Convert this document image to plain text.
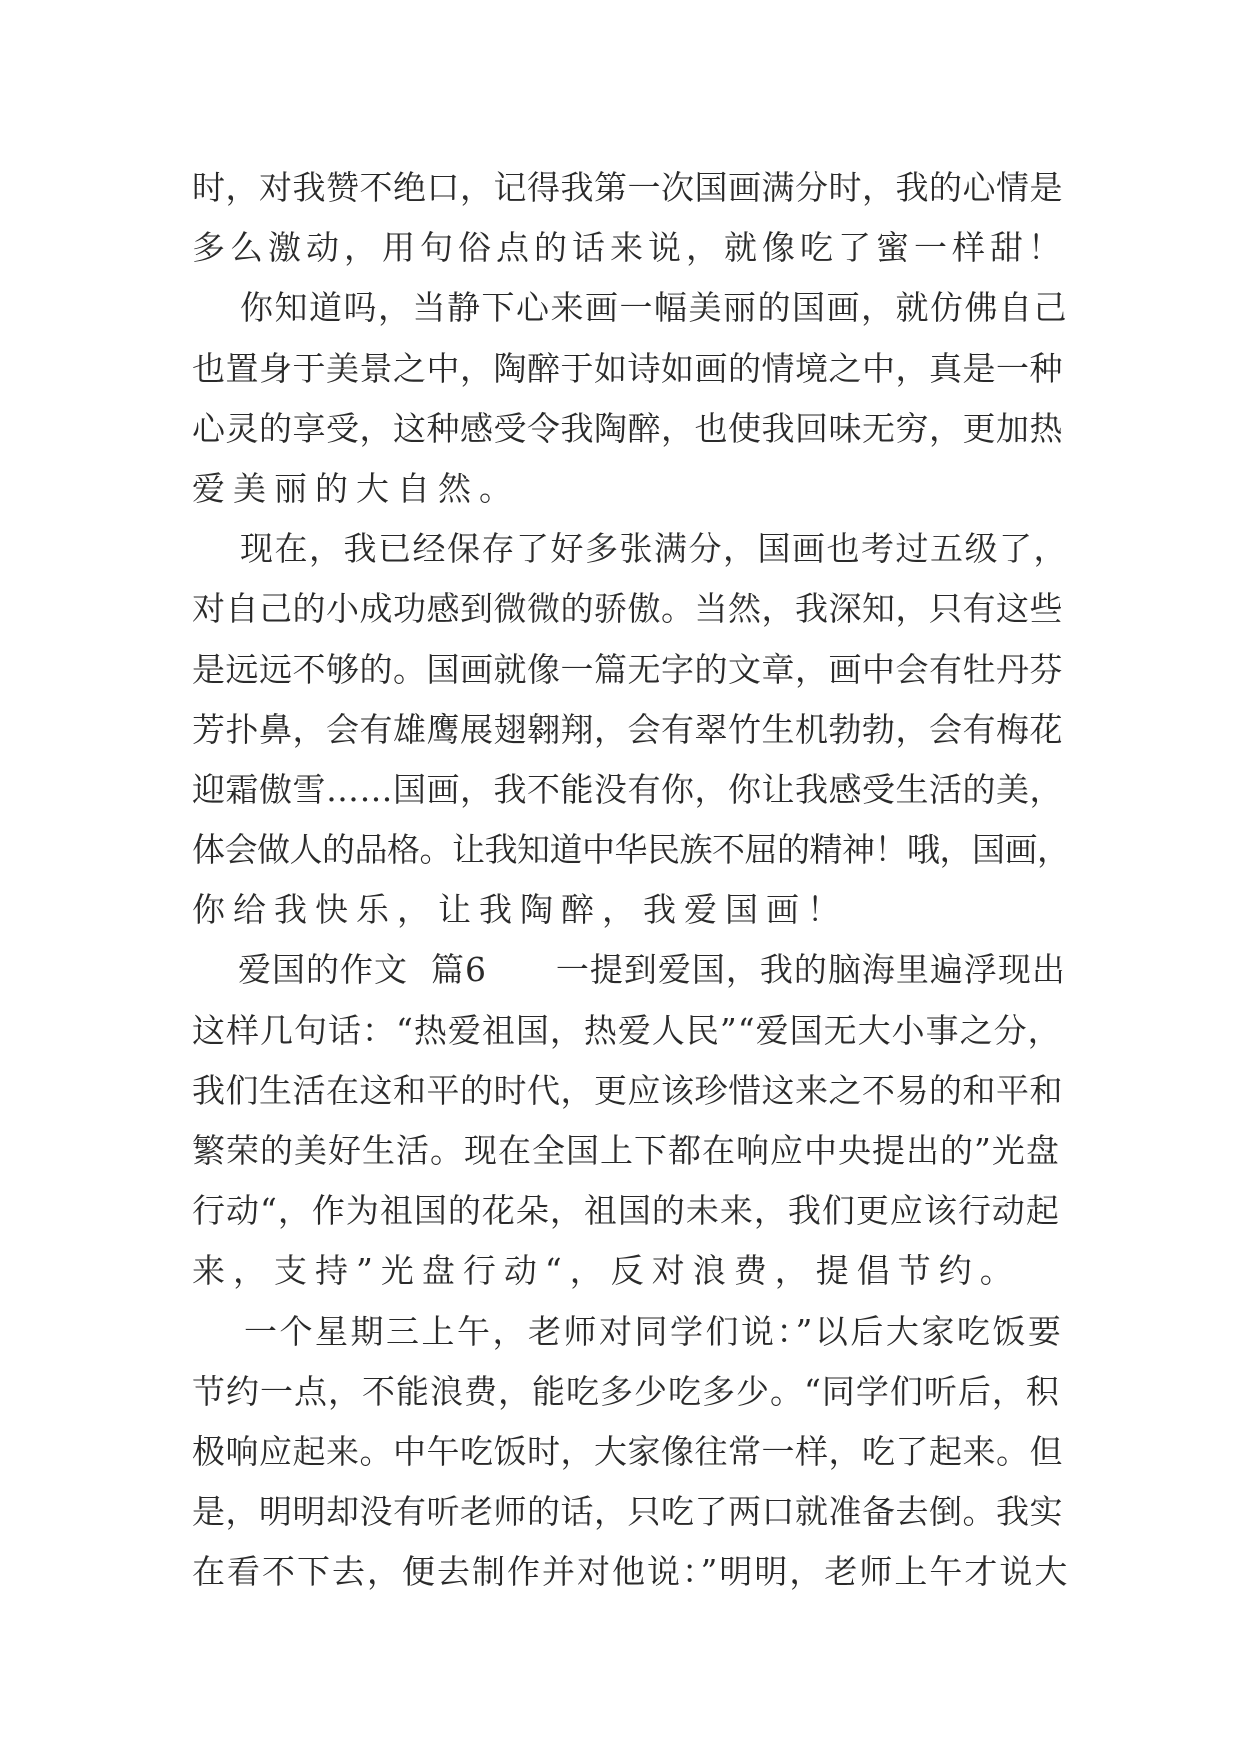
时，对我赞不绝口，记得我第一次国画满分时，我的心情是
多么激动，用句俗点的话来说，就像吃了蜜一样甜！
你知道吗，当静下心来画一幅美丽的国画，就仿佛自己
也置身于美景之中，陶醉于如诗如画的情境之中，真是一种
心灵的享受，这种感受令我陶醉，也使我回味无穷，更加热
爱美丽的大自然。
现在，我已经保存了好多张满分，国画也考过五级了，
对自己的小成功感到微微的骄傲。当然，我深知，只有这些
是远远不够的。国画就像一篇无字的文章，画中会有牡丹芬
芳扑鼻，会有雄鹰展翅翱翔，会有翠竹生机勃勃，会有梅花
迎霜傲雪……国画，我不能没有你，你让我感受生活的美，
体会做人的品格。让我知道中华民族不屈的精神！哦，国画，
你给我快乐，让我陶醉，我爱国画！
爱国的作文  篇6      一提到爱国，我的脑海里遍浮现出
这样几句话：“热爱祖国，热爱人民”“爱国无大小事之分，
我们生活在这和平的时代，更应该珍惜这来之不易的和平和
繁荣的美好生活。现在全国上下都在响应中央提出的”光盘
行动“，作为祖国的花朵，祖国的未来，我们更应该行动起
来，支持”光盘行动“，反对浪费，提倡节约。
一个星期三上午，老师对同学们说：”以后大家吃饭要
节约一点，不能浪费，能吃多少吃多少。“同学们听后，积
极响应起来。中午吃饭时，大家像往常一样，吃了起来。但
是，明明却没有听老师的话，只吃了两口就准备去倒。我实
在看不下去，便去制作并对他说：”明明，老师上午才说大
